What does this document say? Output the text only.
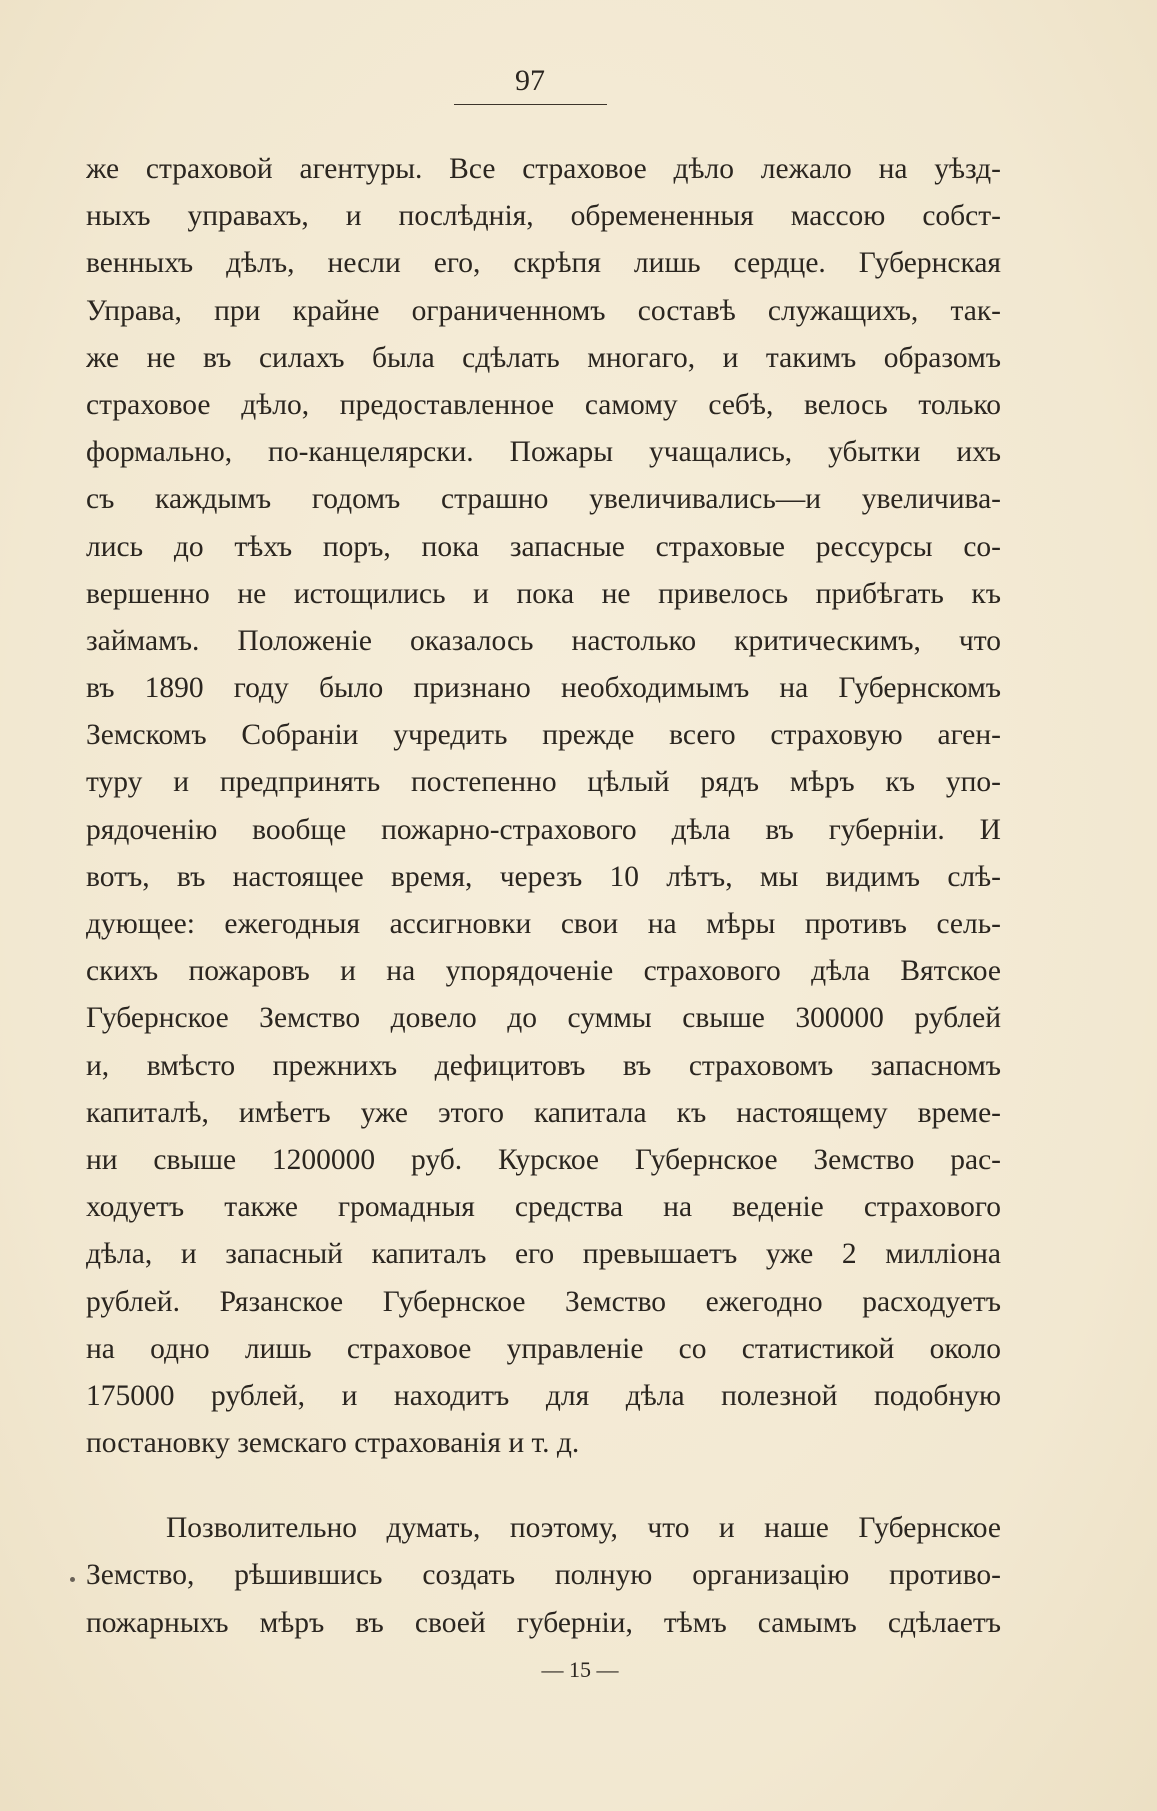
97
же страховой агентуры. Все страховое дѣло лежало на уѣзд-
ныхъ управахъ, и послѣднія, обремененныя массою собст-
венныхъ дѣлъ, несли его, скрѣпя лишь сердце. Губернская
Управа, при крайне ограниченномъ составѣ служащихъ, так-
же не въ силахъ была сдѣлать многаго, и такимъ образомъ
страховое дѣло, предоставленное самому себѣ, велось только
формально, по-канцелярски. Пожары учащались, убытки ихъ
съ каждымъ годомъ страшно увеличивались—и увеличива-
лись до тѣхъ поръ, пока запасные страховые рессурсы со-
вершенно не истощились и пока не привелось прибѣгать къ
займамъ. Положеніе оказалось настолько критическимъ, что
въ 1890 году было признано необходимымъ на Губернскомъ
Земскомъ Собраніи учредить прежде всего страховую аген-
туру и предпринять постепенно цѣлый рядъ мѣръ къ упо-
рядоченію вообще пожарно-страхового дѣла въ губерніи. И
вотъ, въ настоящее время, черезъ 10 лѣтъ, мы видимъ слѣ-
дующее: ежегодныя ассигновки свои на мѣры противъ сель-
скихъ пожаровъ и на упорядоченіе страхового дѣла Вятское
Губернское Земство довело до суммы свыше 300000 рублей
и, вмѣсто прежнихъ дефицитовъ въ страховомъ запасномъ
капиталѣ, имѣетъ уже этого капитала къ настоящему време-
ни свыше 1200000 руб. Курское Губернское Земство рас-
ходуетъ также громадныя средства на веденіе страхового
дѣла, и запасный капиталъ его превышаетъ уже 2 милліона
рублей. Рязанское Губернское Земство ежегодно расходуетъ
на одно лишь страховое управленіе со статистикой около
175000 рублей, и находитъ для дѣла полезной подобную
постановку земскаго страхованія и т. д.
Позволительно думать, поэтому, что и наше Губернское
Земство, рѣшившись создать полную организацію противо-
пожарныхъ мѣръ въ своей губерніи, тѣмъ самымъ сдѣлаетъ
— 15 —
